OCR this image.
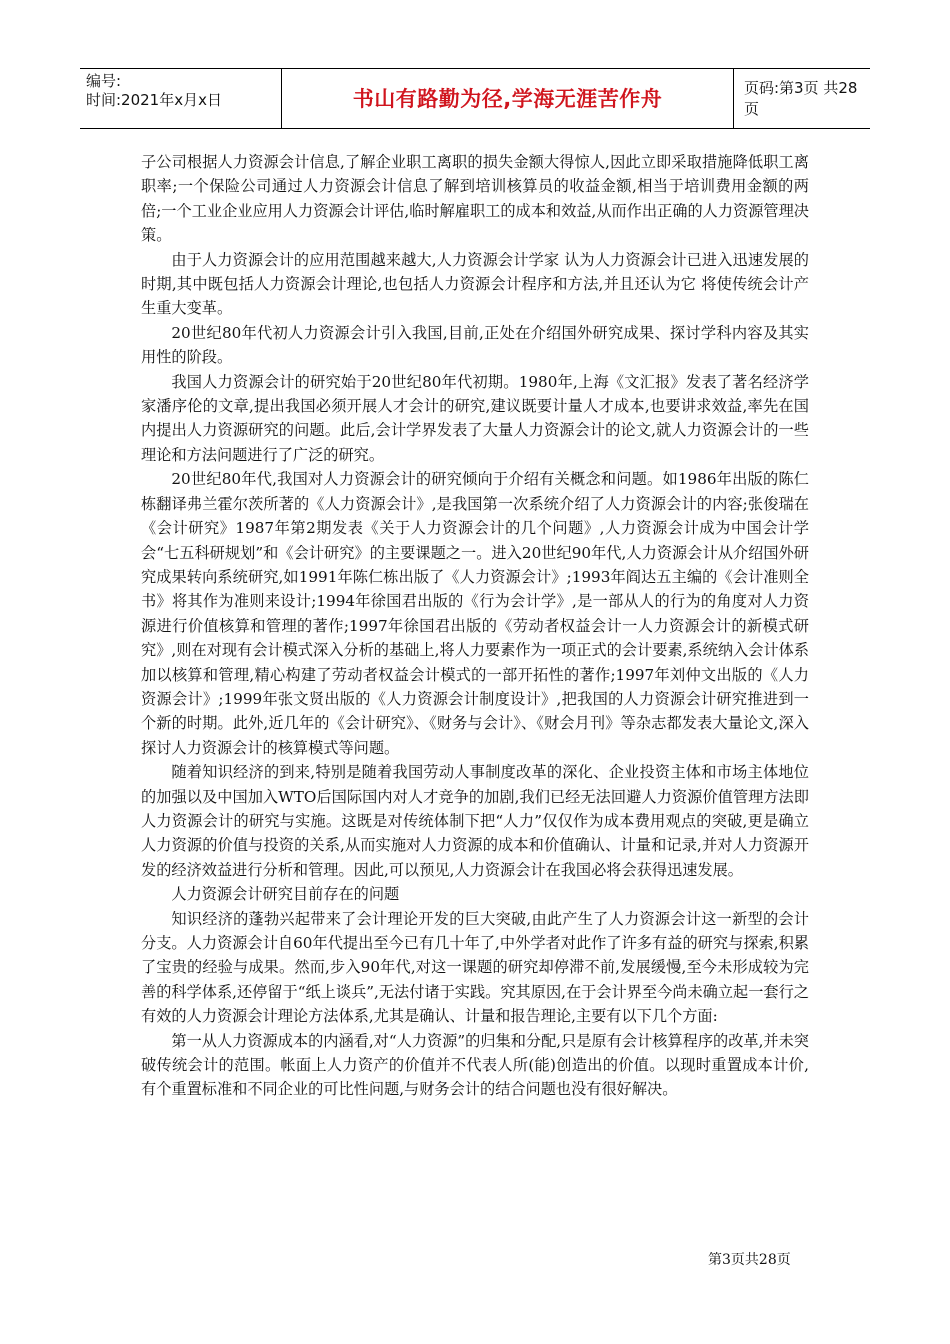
编号:
时间:2021年x月x日	书山有路勤为径,学海无涯苦作舟	页码:第3页 共28页

子公司根据人力资源会计信息,了解企业职工离职的损失金额大得惊人,因此立即采取措施降低职工离职率;一个保险公司通过人力资源会计信息了解到培训核算员的收益金额,相当于培训费用金额的两倍;一个工业企业应用人力资源会计评估,临时解雇职工的成本和效益,从而作出正确的人力资源管理决策。

由于人力资源会计的应用范围越来越大,人力资源会计学家 认为人力资源会计已进入迅速发展的时期,其中既包括人力资源会计理论,也包括人力资源会计程序和方法,并且还认为它 将使传统会计产生重大变革。

20世纪80年代初人力资源会计引入我国,目前,正处在介绍国外研究成果、探讨学科内容及其实用性的阶段。

我国人力资源会计的研究始于20世纪80年代初期。1980年,上海《文汇报》发表了著名经济学家潘序伦的文章,提出我国必须开展人才会计的研究,建议既要计量人才成本,也要讲求效益,率先在国内提出人力资源研究的问题。此后,会计学界发表了大量人力资源会计的论文,就人力资源会计的一些理论和方法问题进行了广泛的研究。

20世纪80年代,我国对人力资源会计的研究倾向于介绍有关概念和问题。如1986年出版的陈仁栋翻译弗兰霍尔茨所著的《人力资源会计》,是我国第一次系统介绍了人力资源会计的内容;张俊瑞在《会计研究》1987年第2期发表《关于人力资源会计的几个问题》,人力资源会计成为中国会计学会“七五科研规划”和《会计研究》的主要课题之一。进入20世纪90年代,人力资源会计从介绍国外研究成果转向系统研究,如1991年陈仁栋出版了《人力资源会计》;1993年阎达五主编的《会计准则全书》将其作为准则来设计;1994年徐国君出版的《行为会计学》,是一部从人的行为的角度对人力资源进行价值核算和管理的著作;1997年徐国君出版的《劳动者权益会计一人力资源会计的新模式研究》,则在对现有会计模式深入分析的基础上,将人力要素作为一项正式的会计要素,系统纳入会计体系加以核算和管理,精心构建了劳动者权益会计模式的一部开拓性的著作;1997年刘仲文出版的《人力资源会计》;1999年张文贤出版的《人力资源会计制度设计》,把我国的人力资源会计研究推进到一个新的时期。此外,近几年的《会计研究》、《财务与会计》、《财会月刊》等杂志都发表大量论文,深入探讨人力资源会计的核算模式等问题。

随着知识经济的到来,特别是随着我国劳动人事制度改革的深化、企业投资主体和市场主体地位的加强以及中国加入WTO后国际国内对人才竞争的加剧,我们已经无法回避人力资源价值管理方法即人力资源会计的研究与实施。这既是对传统体制下把“人力”仅仅作为成本费用观点的突破,更是确立人力资源的价值与投资的关系,从而实施对人力资源的成本和价值确认、计量和记录,并对人力资源开发的经济效益进行分析和管理。因此,可以预见,人力资源会计在我国必将会获得迅速发展。

人力资源会计研究目前存在的问题

知识经济的蓬勃兴起带来了会计理论开发的巨大突破,由此产生了人力资源会计这一新型的会计分支。人力资源会计自60年代提出至今已有几十年了,中外学者对此作了许多有益的研究与探索,积累了宝贵的经验与成果。然而,步入90年代,对这一课题的研究却停滞不前,发展缓慢,至今未形成较为完善的科学体系,还停留于“纸上谈兵”,无法付诸于实践。究其原因,在于会计界至今尚未确立起一套行之有效的人力资源会计理论方法体系,尤其是确认、计量和报告理论,主要有以下几个方面:

第一从人力资源成本的内涵看,对“人力资源”的归集和分配,只是原有会计核算程序的改革,并未突破传统会计的范围。帐面上人力资产的价值并不代表人所(能)创造出的价值。以现时重置成本计价,有个重置标准和不同企业的可比性问题,与财务会计的结合问题也没有很好解决。

第3页共28页
